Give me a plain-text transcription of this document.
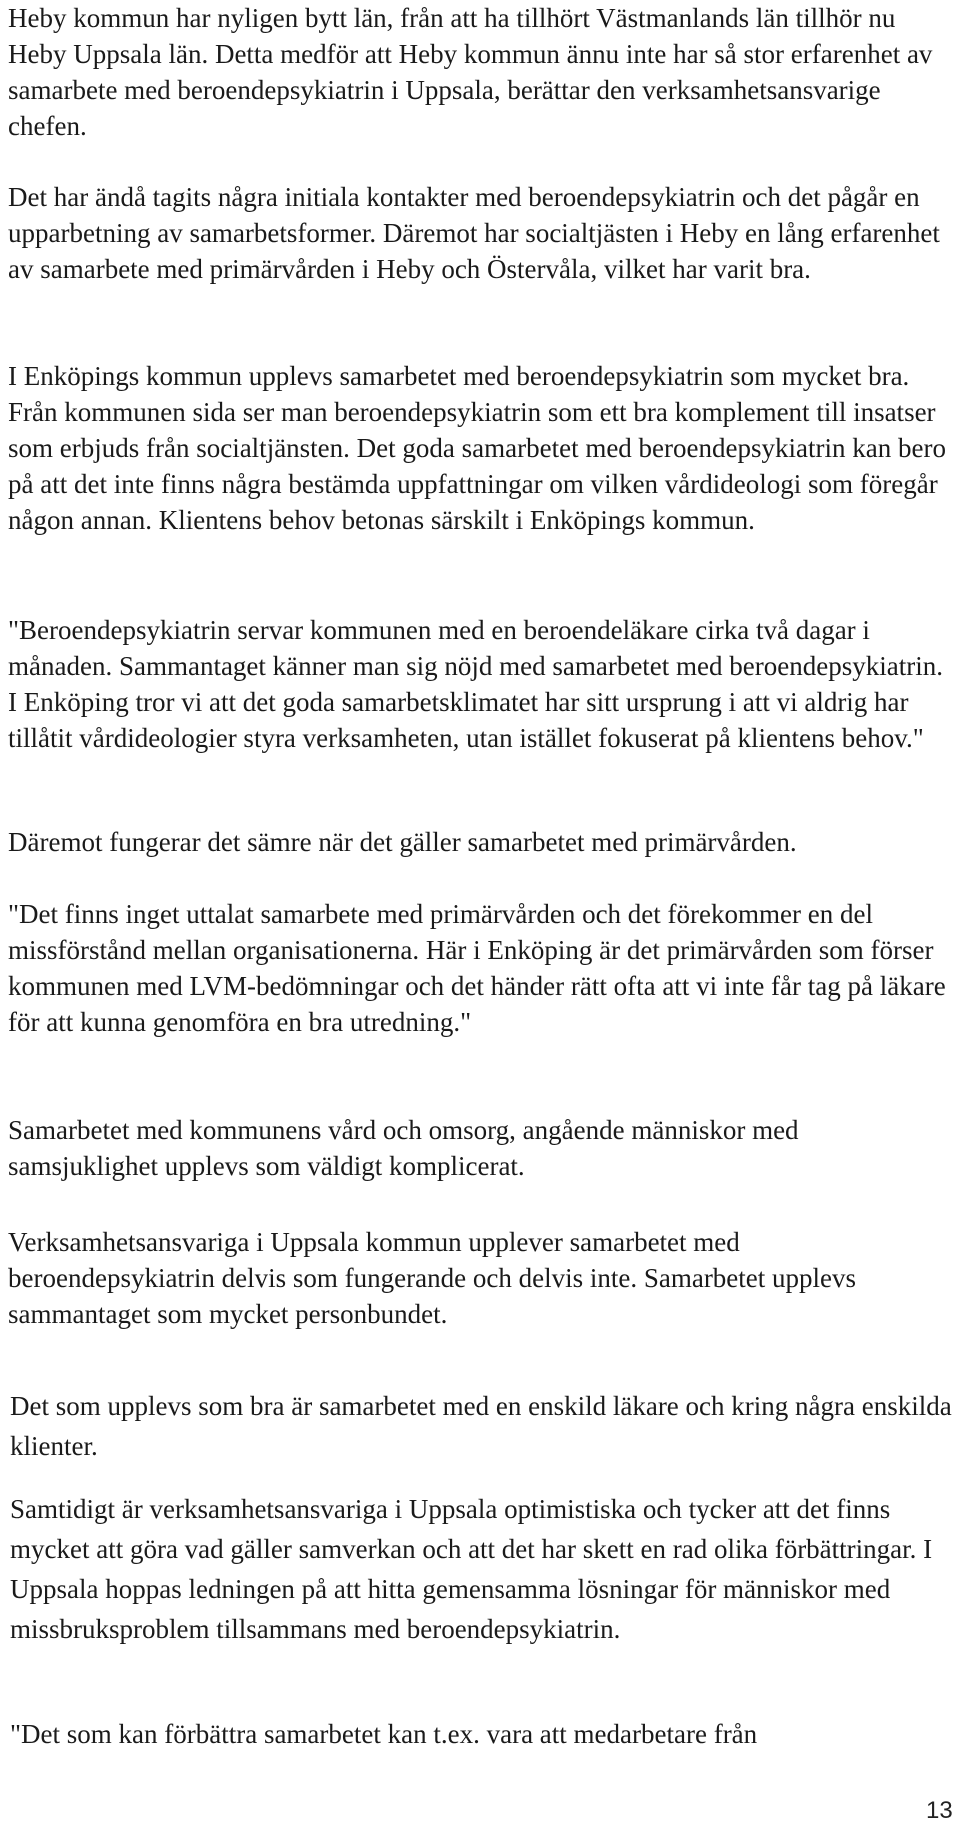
Heby kommun har nyligen bytt län, från att ha tillhört Västmanlands län tillhör nu Heby Uppsala län. Detta medför att Heby kommun ännu inte har så stor erfarenhet av samarbete med beroendepsykiatrin i Uppsala, berättar den verksamhetsansvarige chefen.

Det har ändå tagits några initiala kontakter med beroendepsykiatrin och det pågår en upparbetning av samarbetsformer. Däremot har socialtjästen i Heby en lång erfarenhet av samarbete med primärvården i Heby och Östervåla, vilket har varit bra.

I Enköpings kommun upplevs samarbetet med beroendepsykiatrin som mycket bra. Från kommunen sida ser man beroendepsykiatrin som ett bra komplement till insatser som erbjuds från socialtjänsten. Det goda samarbetet med beroendepsykiatrin kan bero på att det inte finns några bestämda uppfattningar om vilken vårdideologi som föregår någon annan. Klientens behov betonas särskilt i Enköpings kommun.

"Beroendepsykiatrin servar kommunen med en beroendeläkare cirka två dagar i månaden. Sammantaget känner man sig nöjd med samarbetet med beroendepsykiatrin. I Enköping tror vi att det goda samarbetsklimatet har sitt ursprung i att vi aldrig har tillåtit vårdideologier styra verksamheten, utan istället fokuserat på klientens behov."

Däremot fungerar det sämre när det gäller samarbetet med primärvården.

"Det finns inget uttalat samarbete med primärvården och det förekommer en del missförstånd mellan organisationerna. Här i Enköping är det primärvården som förser kommunen med LVM-bedömningar och det händer rätt ofta att vi inte får tag på läkare för att kunna genomföra en bra utredning."

Samarbetet med kommunens vård och omsorg, angående människor med samsjuklighet upplevs som väldigt komplicerat.

Verksamhetsansvariga i Uppsala kommun upplever samarbetet med beroendepsykiatrin delvis som fungerande och delvis inte. Samarbetet upplevs sammantaget som mycket personbundet.

Det som upplevs som bra är samarbetet med en enskild läkare och kring några enskilda klienter.

Samtidigt är verksamhetsansvariga i Uppsala optimistiska och tycker att det finns mycket att göra vad gäller samverkan och att det har skett en rad olika förbättringar. I Uppsala hoppas ledningen på att hitta gemensamma lösningar för människor med missbruksproblem tillsammans med beroendepsykiatrin.

"Det som kan förbättra samarbetet kan t.ex. vara att medarbetare från

13
